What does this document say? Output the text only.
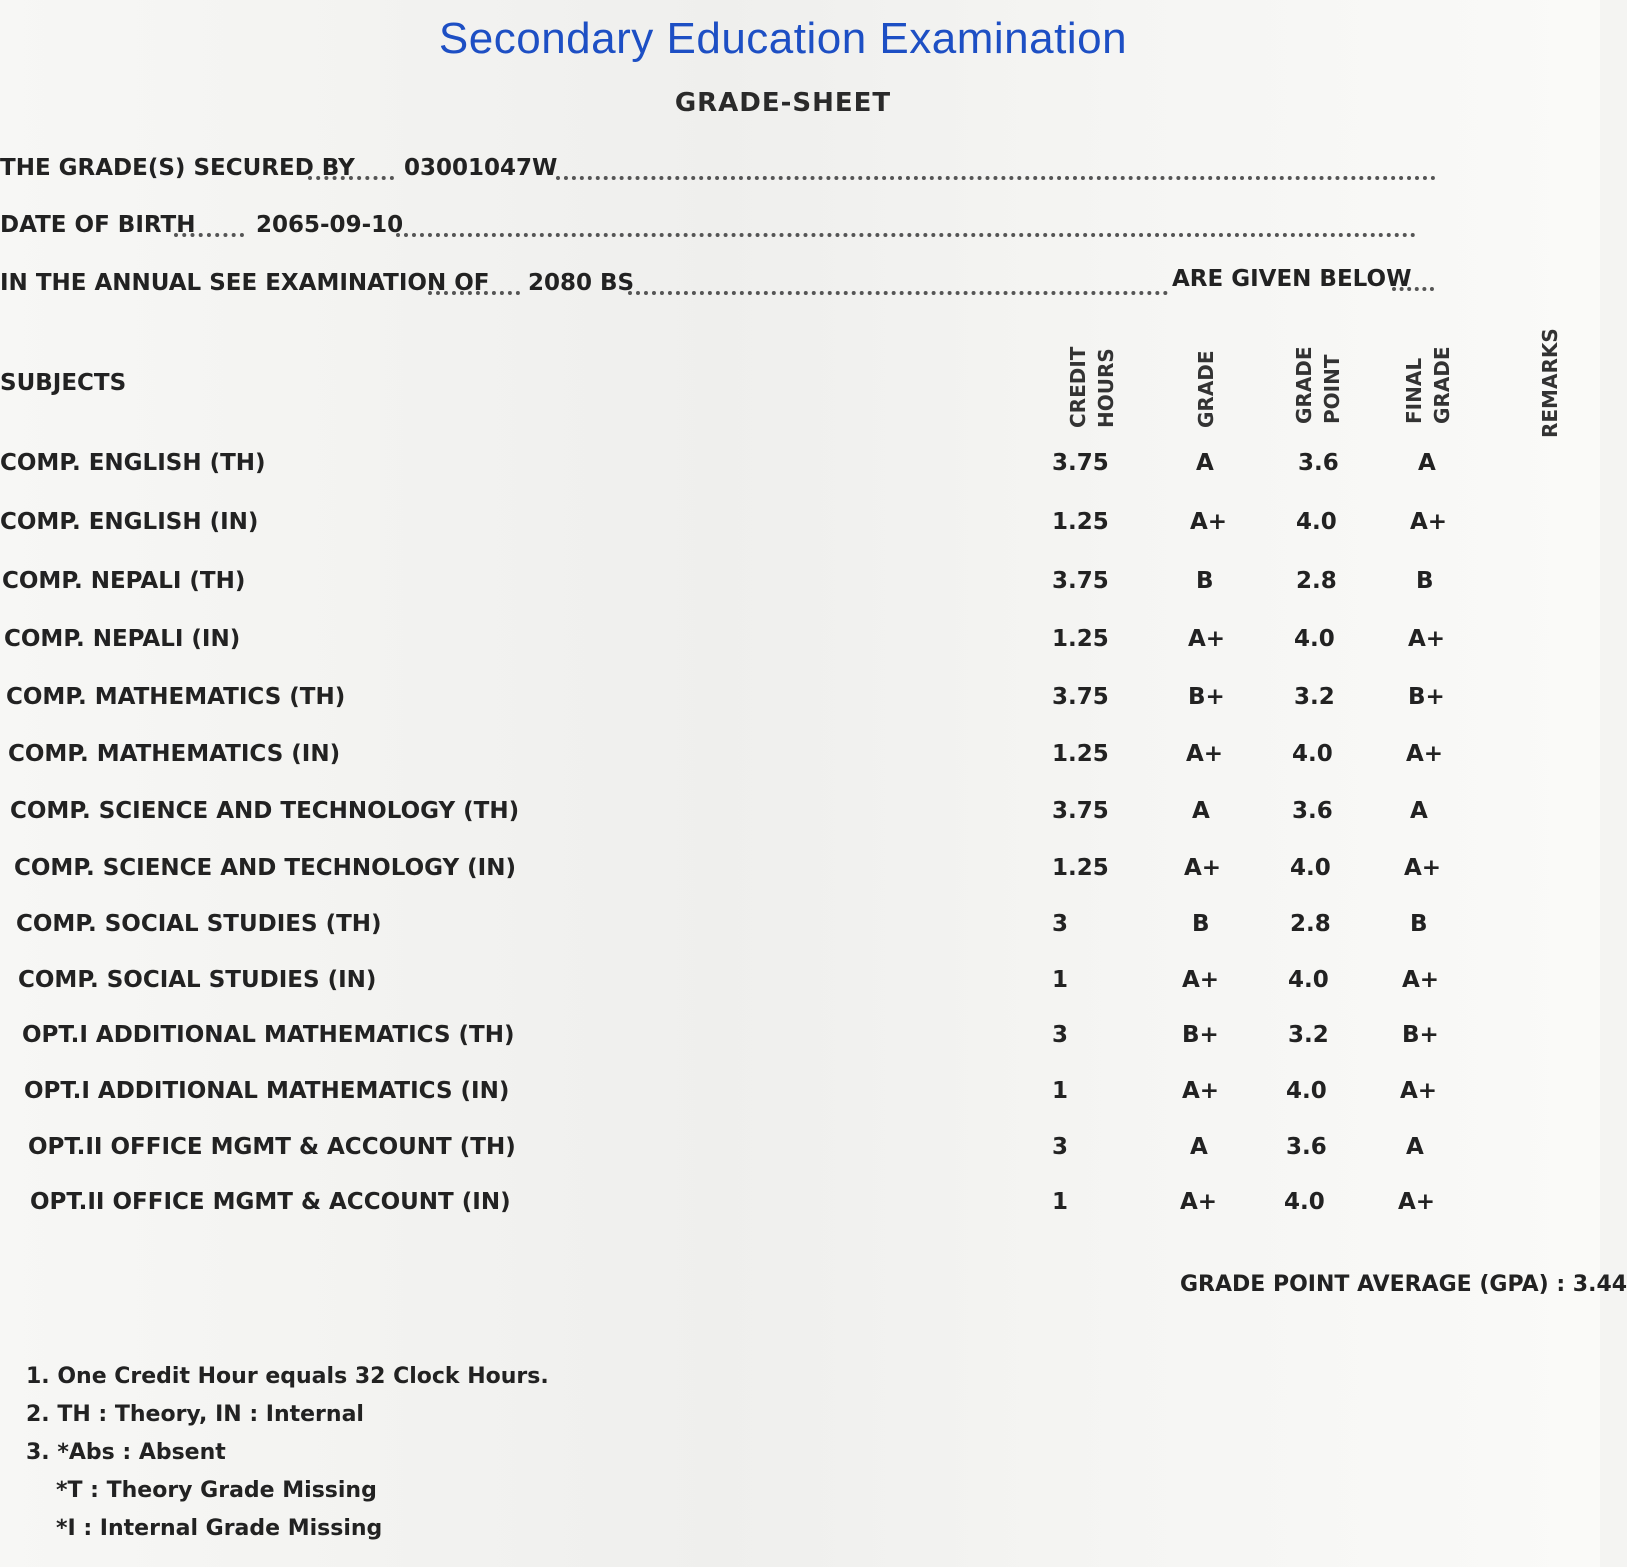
Secondary Education Examination
GRADE-SHEET
THE GRADE(S) SECURED BY 03001047W
DATE OF BIRTH	2065-09-10
IN THE ANNUAL SEE EXAMINATION OF 2080 BS	ARE GIVEN BELOW
SUBJECTS	CREDIT HOURS	GRADE	GRADE POINT	FINAL GRADE	REMARKS
COMP. ENGLISH (TH)	3.75	A	3.6	A
COMP. ENGLISH (IN)	1.25	A+	4.0	A+
COMP. NEPALI (TH)	3.75	B	2.8	B
COMP. NEPALI (IN)	1.25	A+	4.0	A+
COMP. MATHEMATICS (TH)	3.75	B+	3.2	B+
COMP. MATHEMATICS (IN)	1.25	A+	4.0	A+
COMP. SCIENCE AND TECHNOLOGY (TH)	3.75	A	3.6	A
COMP. SCIENCE AND TECHNOLOGY (IN)	1.25	A+	4.0	A+
COMP. SOCIAL STUDIES (TH)	3	B	2.8	B
COMP. SOCIAL STUDIES (IN)	1	A+	4.0	A+
OPT.I ADDITIONAL MATHEMATICS (TH)	3	B+	3.2	B+
OPT.I ADDITIONAL MATHEMATICS (IN)	1	A+	4.0	A+
OPT.II OFFICE MGMT & ACCOUNT (TH)	3	A	3.6	A
OPT.II OFFICE MGMT & ACCOUNT (IN)	1	A+	4.0	A+
GRADE POINT AVERAGE (GPA) : 3.44
1. One Credit Hour equals 32 Clock Hours.
2. TH : Theory, IN : Internal
3. *Abs : Absent
*T : Theory Grade Missing
*I : Internal Grade Missing
